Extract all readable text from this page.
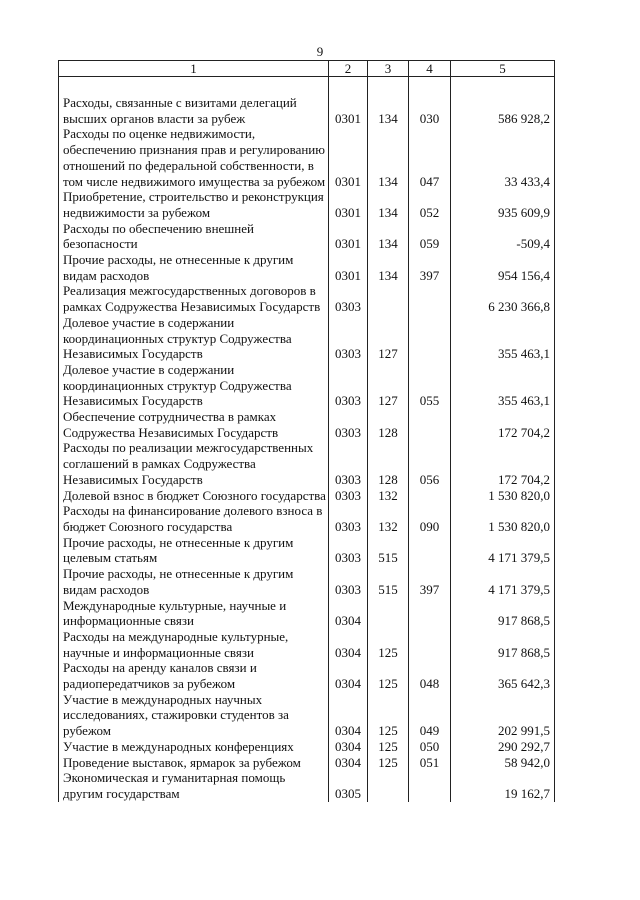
9
1	2	3	4	5

Расходы, связанные с визитами делегаций высших органов власти за рубеж	0301	134	030	586 928,2
Расходы по оценке недвижимости, обеспечению признания прав и регулированию отношений по федеральной собственности, в том числе недвижимого имущества за рубежом	0301	134	047	33 433,4
Приобретение, строительство и реконструкция недвижимости за рубежом	0301	134	052	935 609,9
Расходы по обеспечению внешней безопасности	0301	134	059	-509,4
Прочие расходы, не отнесенные к другим видам расходов	0301	134	397	954 156,4
Реализация межгосударственных договоров в рамках Содружества Независимых Государств	0303			6 230 366,8
Долевое участие в содержании координационных структур Содружества Независимых Государств	0303	127		355 463,1
Долевое участие в содержании координационных структур Содружества Независимых Государств	0303	127	055	355 463,1
Обеспечение сотрудничества в рамках Содружества Независимых Государств	0303	128		172 704,2
Расходы по реализации межгосударственных соглашений в рамках Содружества Независимых Государств	0303	128	056	172 704,2
Долевой взнос в бюджет Союзного государства	0303	132		1 530 820,0
Расходы на финансирование долевого взноса в бюджет Союзного государства	0303	132	090	1 530 820,0
Прочие расходы, не отнесенные к другим целевым статьям	0303	515		4 171 379,5
Прочие расходы, не отнесенные к другим видам расходов	0303	515	397	4 171 379,5
Международные культурные, научные и информационные связи	0304			917 868,5
Расходы на международные культурные, научные и информационные связи	0304	125		917 868,5
Расходы на аренду каналов связи и радиопередатчиков за рубежом	0304	125	048	365 642,3
Участие в международных научных исследованиях, стажировки студентов за рубежом	0304	125	049	202 991,5
Участие в международных конференциях	0304	125	050	290 292,7
Проведение выставок, ярмарок за рубежом	0304	125	051	58 942,0
Экономическая и гуманитарная помощь другим государствам	0305			19 162,7
